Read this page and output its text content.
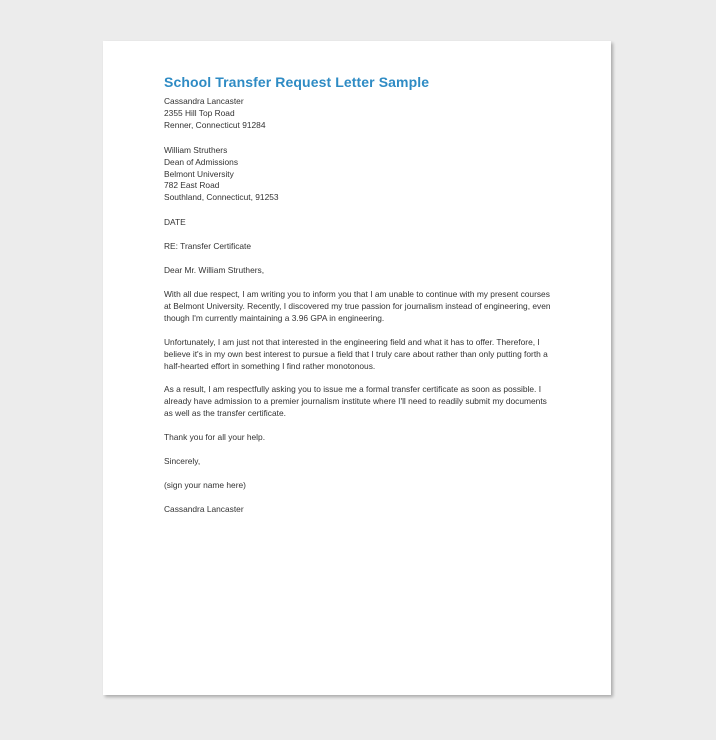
School Transfer Request Letter Sample

Cassandra Lancaster

2355 Hill Top Road

Renner, Connecticut 91284

William Struthers

Dean of Admissions

Belmont University

782 East Road

Southland, Connecticut, 91253

DATE

RE: Transfer Certificate

Dear Mr. William Struthers,

With all due respect, I am writing you to inform you that I am unable to continue with my present courses at Belmont University. Recently, I discovered my true passion for journalism instead of engineering, even though I'm currently maintaining a 3.96 GPA in engineering.

Unfortunately, I am just not that interested in the engineering field and what it has to offer. Therefore, I believe it's in my own best interest to pursue a field that I truly care about rather than only putting forth a half-hearted effort in something I find rather monotonous.

As a result, I am respectfully asking you to issue me a formal transfer certificate as soon as possible. I already have admission to a premier journalism institute where I'll need to readily submit my documents as well as the transfer certificate.

Thank you for all your help.

Sincerely,

(sign your name here)

Cassandra Lancaster
